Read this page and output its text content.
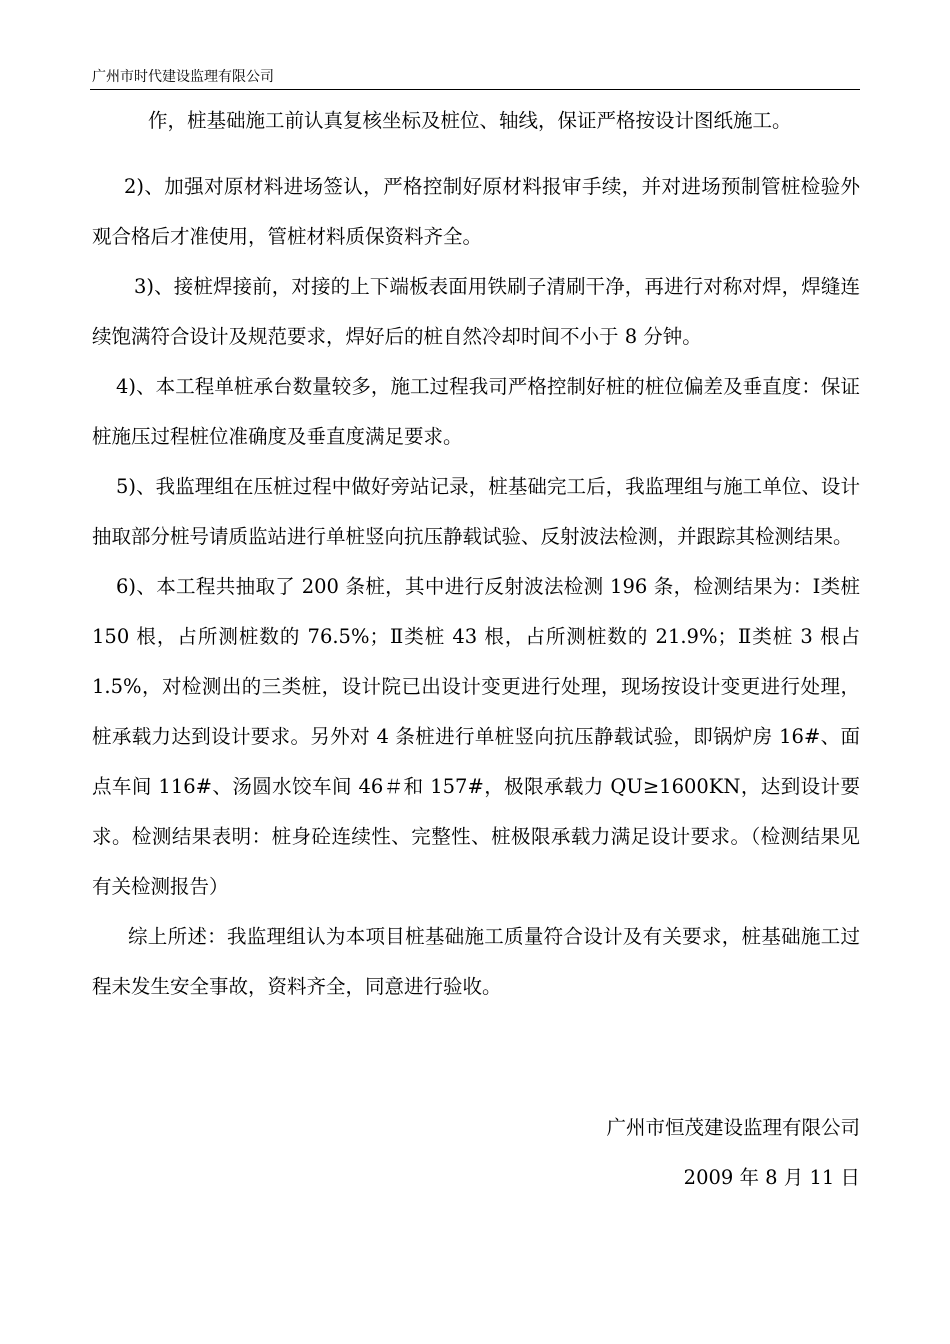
广州市时代建设监理有限公司

作，桩基础施工前认真复核坐标及桩位、轴线，保证严格按设计图纸施工。

2)、加强对原材料进场签认，严格控制好原材料报审手续，并对进场预制管桩检验外观合格后才准使用，管桩材料质保资料齐全。

3)、接桩焊接前，对接的上下端板表面用铁刷子清刷干净，再进行对称对焊，焊缝连续饱满符合设计及规范要求，焊好后的桩自然冷却时间不小于 8 分钟。

4)、本工程单桩承台数量较多，施工过程我司严格控制好桩的桩位偏差及垂直度：保证桩施压过程桩位准确度及垂直度满足要求。

5)、我监理组在压桩过程中做好旁站记录，桩基础完工后，我监理组与施工单位、设计抽取部分桩号请质监站进行单桩竖向抗压静载试验、反射波法检测，并跟踪其检测结果。

6)、本工程共抽取了 200 条桩，其中进行反射波法检测 196 条，检测结果为：Ⅰ类桩 150 根，占所测桩数的 76.5%；Ⅱ类桩 43 根，占所测桩数的 21.9%；Ⅱ类桩 3 根占 1.5%，对检测出的三类桩，设计院已出设计变更进行处理，现场按设计变更进行处理，桩承载力达到设计要求。另外对 4 条桩进行单桩竖向抗压静载试验，即锅炉房 16#、面点车间 116#、汤圆水饺车间 46＃和 157#，极限承载力 QU≥1600KN，达到设计要求。检测结果表明：桩身砼连续性、完整性、桩极限承载力满足设计要求。（检测结果见有关检测报告）

综上所述：我监理组认为本项目桩基础施工质量符合设计及有关要求，桩基础施工过程未发生安全事故，资料齐全，同意进行验收。

广州市恒茂建设监理有限公司
2009 年 8 月 11 日
